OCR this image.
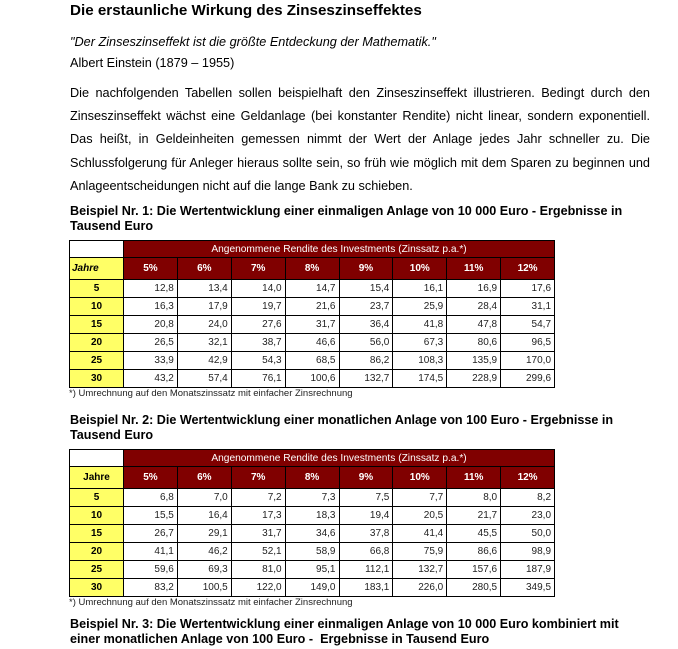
Die erstaunliche Wirkung des Zinseszinseffektes
"Der Zinseszinseffekt ist die größte Entdeckung der Mathematik."
Albert Einstein (1879 – 1955)

Die nachfolgenden Tabellen sollen beispielhaft den Zinseszinseffekt illustrieren. Bedingt durch den Zinseszinseffekt wächst eine Geldanlage (bei konstanter Rendite) nicht linear, sondern exponentiell. Das heißt, in Geldeinheiten gemessen nimmt der Wert der Anlage jedes Jahr schneller zu. Die Schlussfolgerung für Anleger hieraus sollte sein, so früh wie möglich mit dem Sparen zu beginnen und Anlageentscheidungen nicht auf die lange Bank zu schieben.

Beispiel Nr. 1: Die Wertentwicklung einer einmaligen Anlage von 10 000 Euro - Ergebnisse in Tausend Euro
	Angenommene Rendite des Investments (Zinssatz p.a.*)							
Jahre	5%	6%	7%	8%	9%	10%	11%	12%
5	12,8	13,4	14,0	14,7	15,4	16,1	16,9	17,6
10	16,3	17,9	19,7	21,6	23,7	25,9	28,4	31,1
15	20,8	24,0	27,6	31,7	36,4	41,8	47,8	54,7
20	26,5	32,1	38,7	46,6	56,0	67,3	80,6	96,5
25	33,9	42,9	54,3	68,5	86,2	108,3	135,9	170,0
30	43,2	57,4	76,1	100,6	132,7	174,5	228,9	299,6
*) Umrechnung auf den Monatszinssatz mit einfacher Zinsrechnung
Beispiel Nr. 2: Die Wertentwicklung einer monatlichen Anlage von 100 Euro - Ergebnisse in Tausend Euro
	Angenommene Rendite des Investments (Zinssatz p.a.*)							
Jahre	5%	6%	7%	8%	9%	10%	11%	12%
5	6,8	7,0	7,2	7,3	7,5	7,7	8,0	8,2
10	15,5	16,4	17,3	18,3	19,4	20,5	21,7	23,0
15	26,7	29,1	31,7	34,6	37,8	41,4	45,5	50,0
20	41,1	46,2	52,1	58,9	66,8	75,9	86,6	98,9
25	59,6	69,3	81,0	95,1	112,1	132,7	157,6	187,9
30	83,2	100,5	122,0	149,0	183,1	226,0	280,5	349,5
*) Umrechnung auf den Monatszinssatz mit einfacher Zinsrechnung
Beispiel Nr. 3: Die Wertentwicklung einer einmaligen Anlage von 10 000 Euro kombiniert mit einer monatlichen Anlage von 100 Euro -  Ergebnisse in Tausend Euro
